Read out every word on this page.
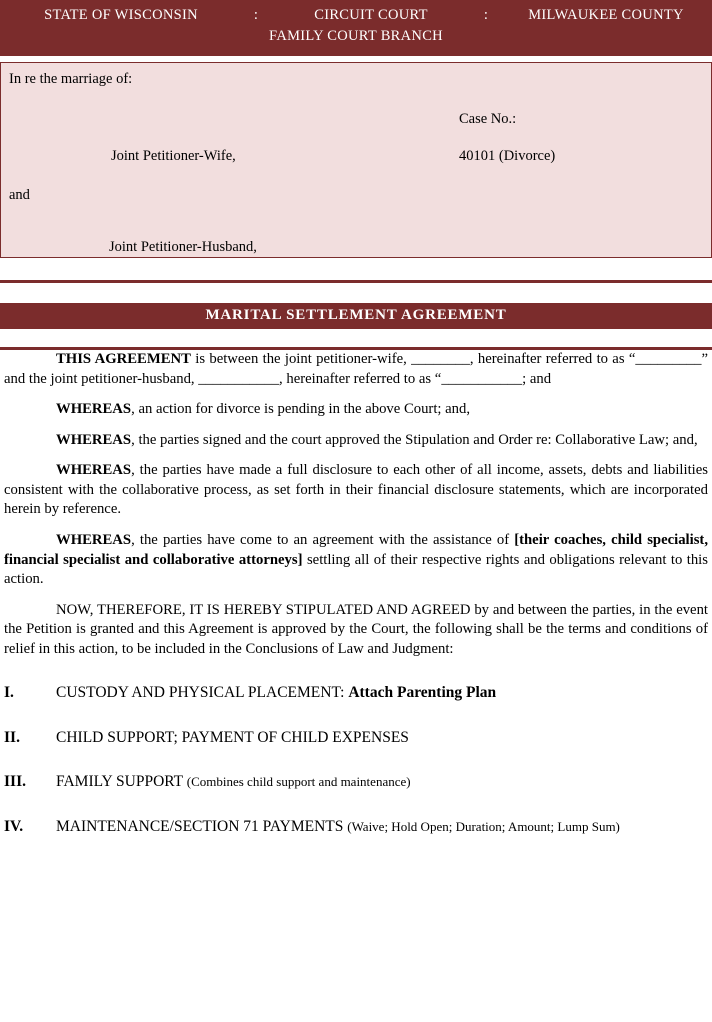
STATE OF WISCONSIN	:	CIRCUIT COURT	:	MILWAUKEE COUNTY
FAMILY COURT BRANCH
In re the marriage of:
Case No.:
Joint Petitioner-Wife,	40101 (Divorce)
and
Joint Petitioner-Husband,
MARITAL SETTLEMENT AGREEMENT

THIS AGREEMENT is between the joint petitioner-wife, ________, hereinafter referred to as “_________” and the joint petitioner-husband, ___________, hereinafter referred to as “___________; and

WHEREAS, an action for divorce is pending in the above Court; and,

WHEREAS, the parties signed and the court approved the Stipulation and Order re: Collaborative Law; and,

WHEREAS, the parties have made a full disclosure to each other of all income, assets, debts and liabilities consistent with the collaborative process, as set forth in their financial disclosure statements, which are incorporated herein by reference.

WHEREAS, the parties have come to an agreement with the assistance of [their coaches, child specialist, financial specialist and collaborative attorneys] settling all of their respective rights and obligations relevant to this action.

NOW, THEREFORE, IT IS HEREBY STIPULATED AND AGREED by and between the parties, in the event the Petition is granted and this Agreement is approved by the Court, the following shall be the terms and conditions of relief in this action, to be included in the Conclusions of Law and Judgment:

I.	CUSTODY AND PHYSICAL PLACEMENT: Attach Parenting Plan
II.	CHILD SUPPORT; PAYMENT OF CHILD EXPENSES
III.	FAMILY SUPPORT (Combines child support and maintenance)
IV.	MAINTENANCE/SECTION 71 PAYMENTS (Waive; Hold Open; Duration; Amount; Lump Sum)
